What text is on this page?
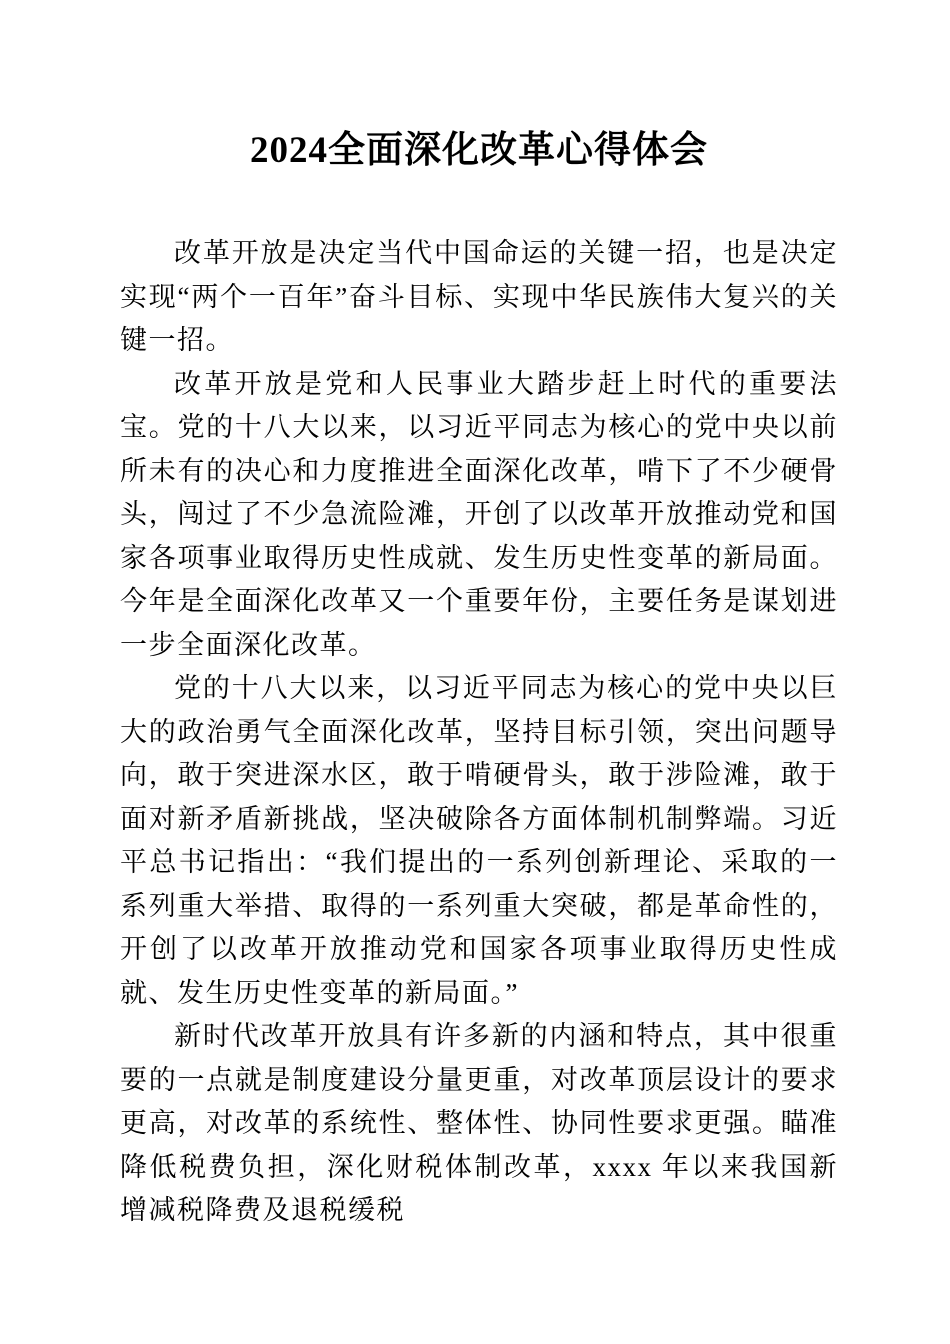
2024全面深化改革心得体会

改革开放是决定当代中国命运的关键一招，也是决定实现“两个一百年”奋斗目标、实现中华民族伟大复兴的关键一招。

改革开放是党和人民事业大踏步赶上时代的重要法宝。党的十八大以来，以习近平同志为核心的党中央以前所未有的决心和力度推进全面深化改革，啃下了不少硬骨头，闯过了不少急流险滩，开创了以改革开放推动党和国家各项事业取得历史性成就、发生历史性变革的新局面。今年是全面深化改革又一个重要年份，主要任务是谋划进一步全面深化改革。

党的十八大以来，以习近平同志为核心的党中央以巨大的政治勇气全面深化改革，坚持目标引领，突出问题导向，敢于突进深水区，敢于啃硬骨头，敢于涉险滩，敢于面对新矛盾新挑战，坚决破除各方面体制机制弊端。习近平总书记指出：“我们提出的一系列创新理论、采取的一系列重大举措、取得的一系列重大突破，都是革命性的，开创了以改革开放推动党和国家各项事业取得历史性成就、发生历史性变革的新局面。”

新时代改革开放具有许多新的内涵和特点，其中很重要的一点就是制度建设分量更重，对改革顶层设计的要求更高，对改革的系统性、整体性、协同性要求更强。瞄准降低税费负担，深化财税体制改革，xxxx 年以来我国新增减税降费及退税缓税
